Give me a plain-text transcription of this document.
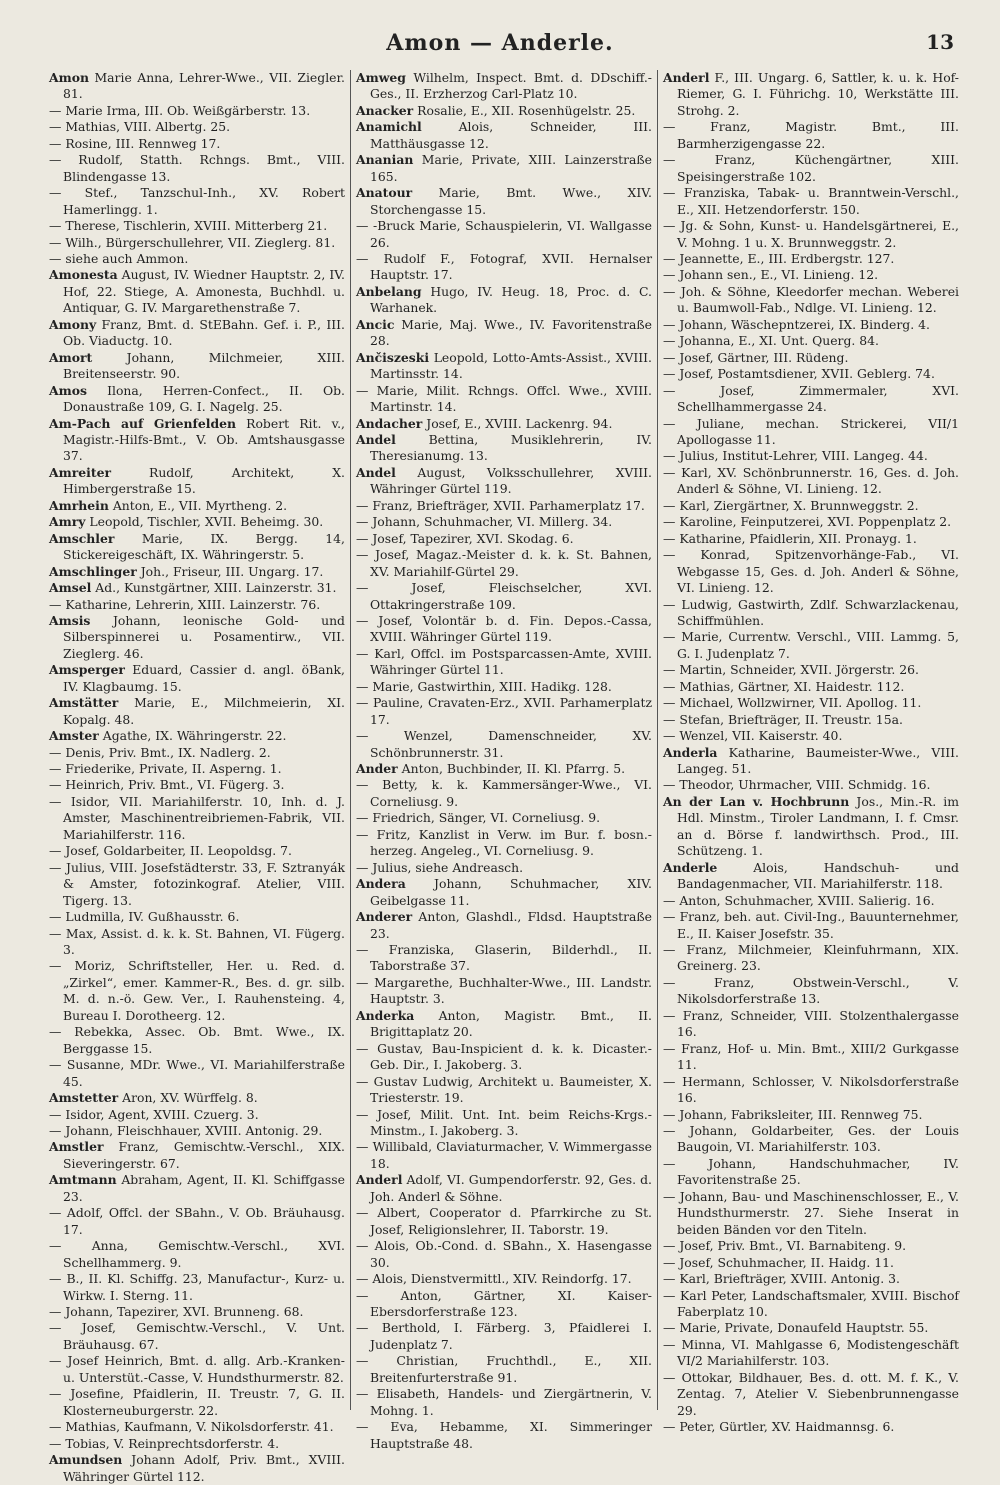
Amon — Anderle.	13

Amon Marie Anna, Lehrer-Wwe., VII. Ziegler. 81.

— Marie Irma, III. Ob. Weißgärberstr. 13.

— Mathias, VIII. Albertg. 25.

— Rosine, III. Rennweg 17.

— Rudolf, Statth. Rchngs. Bmt., VIII. Blindengasse 13.

— Stef., Tanzschul-Inh., XV. Robert Hamerlingg. 1.

— Therese, Tischlerin, XVIII. Mitterberg 21.

— Wilh., Bürgerschullehrer, VII. Zieglerg. 81.

— siehe auch Ammon.

Amonesta August, IV. Wiedner Hauptstr. 2, IV. Hof, 22. Stiege, A. Amonesta, Buchhdl. u. Antiquar, G. IV. Margarethenstraße 7.

Amony Franz, Bmt. d. StEBahn. Gef. i. P., III. Ob. Viaductg. 10.

Amort	Johann, Milchmeier, XIII. Breitenseerstr. 90.

Amos Ilona, Herren-Confect., II. Ob. Donaustraße 109, G. I. Nagelg. 25.

Am-Pach auf Grienfelden Robert Rit. v., Magistr.-Hilfs-Bmt., V. Ob. Amtshausgasse 37.

Amreiter	Rudolf, Architekt, X. Himbergerstraße 15.

Amrhein Anton, E., VII. Myrtheng. 2.

Amry Leopold, Tischler, XVII. Beheimg. 30.

Amschler Marie, IX. Bergg. 14, Stickereigeschäft, IX. Währingerstr. 5.

Amschlinger Joh., Friseur, III. Ungarg. 17.

Amsel Ad., Kunstgärtner, XIII. Lainzerstr. 31.

— Katharine, Lehrerin, XIII. Lainzerstr. 76.

Amsis Johann, leonische Gold- und Silberspinnerei u. Posamentirw., VII. Zieglerg. 46.

Amsperger Eduard, Cassier d. angl. öBank, IV. Klagbaumg. 15.

Amstätter Marie, E., Milchmeierin, XI. Kopalg. 48.

Amster Agathe, IX. Währingerstr. 22.

— Denis, Priv. Bmt., IX. Nadlerg. 2.

— Friederike, Private, II. Asperng. 1.

— Heinrich, Priv. Bmt., VI. Fügerg. 3.

— Isidor, VII. Mariahilferstr. 10, Inh. d. J. Amster, Maschinentreibriemen-Fabrik, VII. Mariahilferstr. 116.

— Josef, Goldarbeiter, II. Leopoldsg. 7.

— Julius, VIII. Josefstädterstr. 33, F. Sztranyák & Amster, fotozinkograf. Atelier, VIII. Tigerg. 13.

— Ludmilla, IV. Gußhausstr. 6.

— Max, Assist. d. k. k. St. Bahnen, VI. Fügerg. 3.

— Moriz, Schriftsteller, Her. u. Red. d. „Zirkel“, emer. Kammer-R., Bes. d. gr. silb. M. d. n.-ö. Gew. Ver., I. Rauhensteing. 4, Bureau I. Dorotheerg. 12.

— Rebekka, Assec. Ob. Bmt. Wwe., IX. Berggasse 15.

— Susanne, MDr. Wwe., VI. Mariahilferstraße 45.

Amstetter Aron, XV. Würffelg. 8.

— Isidor, Agent, XVIII. Czuerg. 3.

— Johann, Fleischhauer, XVIII. Antonig. 29.

Amstler Franz, Gemischtw.-Verschl., XIX. Sieveringerstr. 67.

Amtmann Abraham, Agent, II. Kl. Schiffgasse 23.

— Adolf, Offcl. der SBahn., V. Ob. Bräuhausg. 17.

— Anna, Gemischtw.-Verschl., XVI. Schellhammerg. 9.

— B., II. Kl. Schiffg. 23, Manufactur-, Kurz- u. Wirkw. I. Sterng. 11.

— Johann, Tapezirer, XVI. Brunneng. 68.

— Josef, Gemischtw.-Verschl., V. Unt. Bräuhausg. 67.

— Josef Heinrich, Bmt. d. allg. Arb.-Kranken- u. Unterstüt.-Casse, V. Hundsthurmerstr. 82.

— Josefine, Pfaidlerin, II. Treustr. 7, G. II. Klosterneuburgerstr. 22.

— Mathias, Kaufmann, V. Nikolsdorferstr. 41.

— Tobias, V. Reinprechtsdorferstr. 4.

Amundsen Johann Adolf, Priv. Bmt., XVIII. Währinger Gürtel 112.

Amweg Wilhelm, Inspect. Bmt. d. DDschiff.-Ges., II. Erzherzog Carl-Platz 10.

Anacker Rosalie, E., XII. Rosenhügelstr. 25.

Anamichl	Alois, Schneider, III. Matthäusgasse 12.

Ananian Marie, Private, XIII. Lainzerstraße 165.

Anatour Marie, Bmt. Wwe., XIV. Storchengasse 15.

— -Bruck Marie, Schauspielerin, VI. Wallgasse 26.

— Rudolf F., Fotograf, XVII. Hernalser Hauptstr. 17.

Anbelang Hugo, IV. Heug. 18, Proc. d. C. Warhanek.

Ancic Marie, Maj. Wwe., IV. Favoritenstraße 28.

Ančiszeski Leopold, Lotto-Amts-Assist., XVIII. Martinsstr. 14.

— Marie, Milit. Rchngs. Offcl. Wwe., XVIII. Martinstr. 14.

Andacher Josef, E., XVIII. Lackenrg. 94.

Andel	Bettina, Musiklehrerin, IV. Theresianumg. 13.

Andel August, Volksschullehrer, XVIII. Währinger Gürtel 119.

— Franz, Briefträger, XVII. Parhamerplatz 17.

— Johann, Schuhmacher, VI. Millerg. 34.

— Josef, Tapezirer, XVI. Skodag. 6.

— Josef, Magaz.-Meister d. k. k. St. Bahnen, XV. Mariahilf-Gürtel 29.

— Josef, Fleischselcher, XVI. Ottakringerstraße 109.

— Josef, Volontär b. d. Fin. Depos.-Cassa, XVIII. Währinger Gürtel 119.

— Karl, Offcl. im Postsparcassen-Amte, XVIII. Währinger Gürtel 11.

— Marie, Gastwirthin, XIII. Hadikg. 128.

— Pauline, Cravaten-Erz., XVII. Parhamerplatz 17.

— Wenzel, Damenschneider, XV. Schönbrunnerstr. 31.

Ander Anton, Buchbinder, II. Kl. Pfarrg. 5.

— Betty, k. k. Kammersänger-Wwe., VI. Corneliusg. 9.

— Friedrich, Sänger, VI. Corneliusg. 9.

— Fritz, Kanzlist in Verw. im Bur. f. bosn.-herzeg. Angeleg., VI. Corneliusg. 9.

— Julius, siehe Andreasch.

Andera Johann, Schuhmacher, XIV. Geibelgasse 11.

Anderer Anton, Glashdl., Fldsd. Hauptstraße 23.

— Franziska, Glaserin, Bilderhdl., II. Taborstraße 37.

— Margarethe, Buchhalter-Wwe., III. Landstr. Hauptstr. 3.

Anderka Anton, Magistr. Bmt., II. Brigittaplatz 20.

— Gustav, Bau-Inspicient d. k. k. Dicaster.-Geb. Dir., I. Jakoberg. 3.

— Gustav Ludwig, Architekt u. Baumeister, X. Triesterstr. 19.

— Josef, Milit. Unt. Int. beim Reichs-Krgs.-Minstm., I. Jakoberg. 3.

— Willibald, Claviaturmacher, V. Wimmergasse 18.

Anderl Adolf, VI. Gumpendorferstr. 92, Ges. d. Joh. Anderl & Söhne.

— Albert, Cooperator d. Pfarrkirche zu St. Josef, Religionslehrer, II. Taborstr. 19.

— Alois, Ob.-Cond. d. SBahn., X. Hasengasse 30.

— Alois, Dienstvermittl., XIV. Reindorfg. 17.

— Anton, Gärtner, XI. Kaiser-Ebersdorferstraße 123.

— Berthold, I. Färberg. 3, Pfaidlerei I. Judenplatz 7.

— Christian, Fruchthdl., E., XII. Breitenfurterstraße 91.

— Elisabeth, Handels- und Ziergärtnerin, V. Mohng. 1.

— Eva, Hebamme, XI. Simmeringer Hauptstraße 48.

Anderl F., III. Ungarg. 6, Sattler, k. u. k. Hof-Riemer, G. I. Führichg. 10, Werkstätte III. Strohg. 2.

— Franz, Magistr. Bmt., III. Barmherzigengasse 22.

— Franz, Küchengärtner, XIII. Speisingerstraße 102.

— Franziska, Tabak- u. Branntwein-Verschl., E., XII. Hetzendorferstr. 150.

— Jg. & Sohn, Kunst- u. Handelsgärtnerei, E., V. Mohng. 1 u. X. Brunnweggstr. 2.

— Jeannette, E., III. Erdbergstr. 127.

— Johann sen., E., VI. Linieng. 12.

— Joh. & Söhne, Kleedorfer mechan. Weberei u. Baumwoll-Fab., Ndlge. VI. Linieng. 12.

— Johann, Wäschepntzerei, IX. Binderg. 4.

— Johanna, E., XI. Unt. Querg. 84.

— Josef, Gärtner, III. Rüdeng.

— Josef, Postamtsdiener, XVII. Geblerg. 74.

— Josef, Zimmermaler, XVI. Schellhammergasse 24.

— Juliane, mechan. Strickerei, VII/1 Apollogasse 11.

— Julius, Institut-Lehrer, VIII. Langeg. 44.

— Karl, XV. Schönbrunnerstr. 16, Ges. d. Joh. Anderl & Söhne, VI. Linieng. 12.

— Karl, Ziergärtner, X. Brunnweggstr. 2.

— Karoline, Feinputzerei, XVI. Poppenplatz 2.

— Katharine, Pfaidlerin, XII. Pronayg. 1.

— Konrad, Spitzenvorhänge-Fab., VI. Webgasse 15, Ges. d. Joh. Anderl & Söhne, VI. Linieng. 12.

— Ludwig, Gastwirth, Zdlf. Schwarzlackenau, Schiffmühlen.

— Marie, Currentw. Verschl., VIII. Lammg. 5, G. I. Judenplatz 7.

— Martin, Schneider, XVII. Jörgerstr. 26.

— Mathias, Gärtner, XI. Haidestr. 112.

— Michael, Wollzwirner, VII. Apollog. 11.

— Stefan, Briefträger, II. Treustr. 15a.

— Wenzel, VII. Kaiserstr. 40.

Anderla Katharine, Baumeister-Wwe., VIII. Langeg. 51.

— Theodor, Uhrmacher, VIII. Schmidg. 16.

An der Lan v. Hochbrunn Jos., Min.-R. im Hdl. Minstm., Tiroler Landmann, I. f. Cmsr. an d. Börse f. landwirthsch. Prod., III. Schützeng. 1.

Anderle	Alois, Handschuh- und Bandagenmacher, VII. Mariahilferstr. 118.

— Anton, Schuhmacher, XVIII. Salierig. 16.

— Franz, beh. aut. Civil-Ing., Bauunternehmer, E., II. Kaiser Josefstr. 35.

— Franz, Milchmeier, Kleinfuhrmann, XIX. Greinerg. 23.

— Franz, Obstwein-Verschl., V. Nikolsdorferstraße 13.

— Franz, Schneider, VIII. Stolzenthalergasse 16.

— Franz, Hof- u. Min. Bmt., XIII/2 Gurkgasse 11.

— Hermann, Schlosser, V. Nikolsdorferstraße 16.

— Johann, Fabriksleiter, III. Rennweg 75.

— Johann, Goldarbeiter, Ges. der Louis Baugoin, VI. Mariahilferstr. 103.

— Johann, Handschuhmacher, IV. Favoritenstraße 25.

— Johann, Bau- und Maschinenschlosser, E., V. Hundsthurmerstr. 27. Siehe Inserat in beiden Bänden vor den Titeln.

— Josef, Priv. Bmt., VI. Barnabiteng. 9.

— Josef, Schuhmacher, II. Haidg. 11.

— Karl, Briefträger, XVIII. Antonig. 3.

— Karl Peter, Landschaftsmaler, XVIII. Bischof Faberplatz 10.

— Marie, Private, Donaufeld Hauptstr. 55.

— Minna, VI. Mahlgasse 6, Modistengeschäft VI/2 Mariahilferstr. 103.

— Ottokar, Bildhauer, Bes. d. ott. M. f. K., V. Zentag. 7, Atelier V. Siebenbrunnengasse 29.

— Peter, Gürtler, XV. Haidmannsg. 6.
